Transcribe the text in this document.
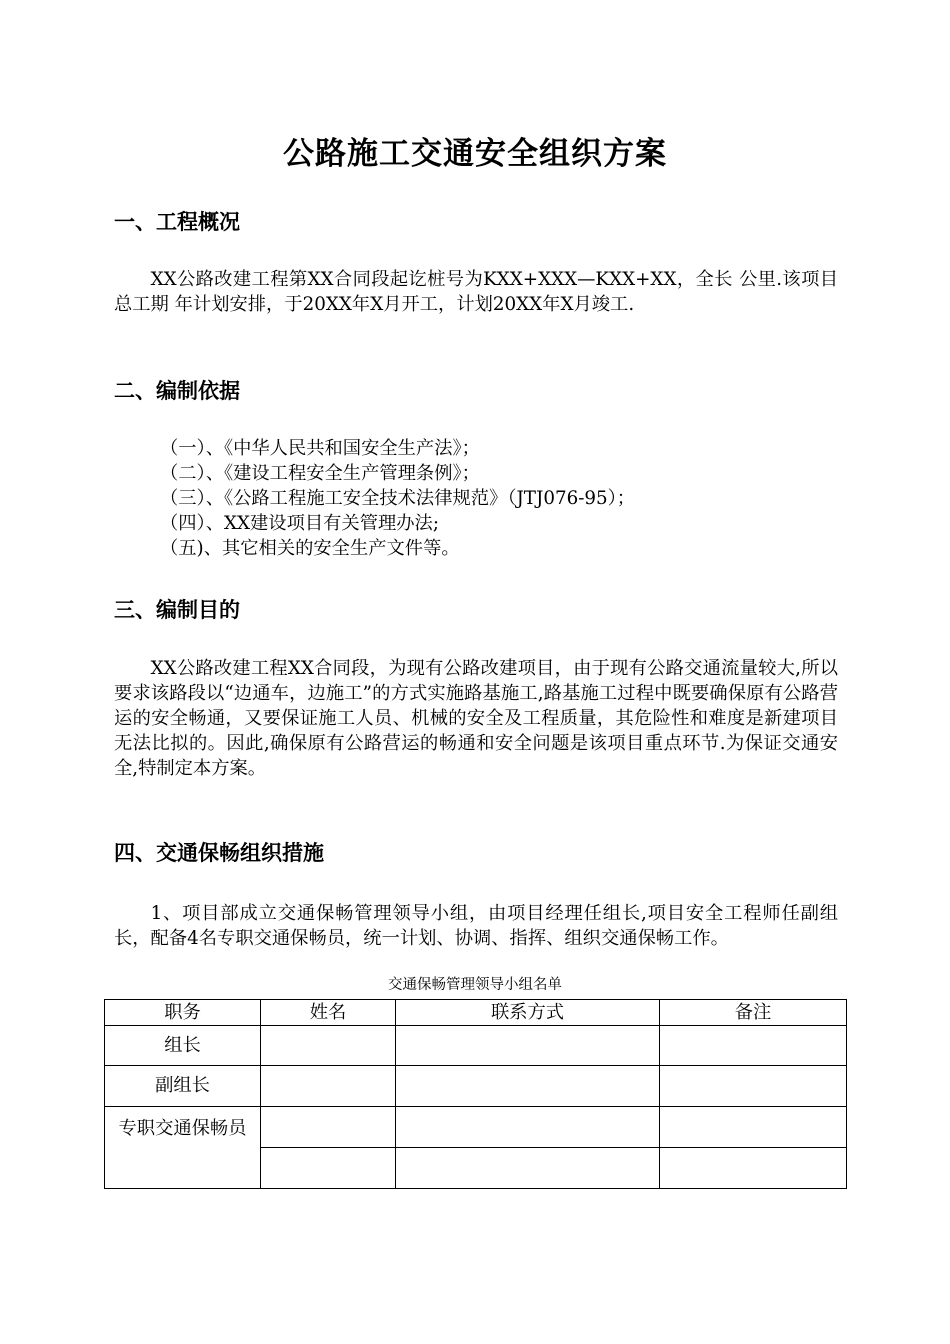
公路施工交通安全组织方案
一、工程概况

XX公路改建工程第XX合同段起讫桩号为KXX+XXX—KXX+XX，全长 公里.该项目总工期 年计划安排，于20XX年X月开工，计划20XX年X月竣工.

二、编制依据
（一）、《中华人民共和国安全生产法》；
（二）、《建设工程安全生产管理条例》；
（三）、《公路工程施工安全技术法律规范》（JTJ076-95）；
（四）、XX建设项目有关管理办法;
（五)、其它相关的安全生产文件等。
三、编制目的

XX公路改建工程XX合同段，为现有公路改建项目，由于现有公路交通流量较大,所以要求该路段以“边通车，边施工”的方式实施路基施工,路基施工过程中既要确保原有公路营运的安全畅通，又要保证施工人员、机械的安全及工程质量，其危险性和难度是新建项目无法比拟的。因此,确保原有公路营运的畅通和安全问题是该项目重点环节.为保证交通安全,特制定本方案。

四、交通保畅组织措施

1、项目部成立交通保畅管理领导小组，由项目经理任组长,项目安全工程师任副组长，配备4名专职交通保畅员，统一计划、协调、指挥、组织交通保畅工作。

交通保畅管理领导小组名单
职务	姓名	联系方式	备注
组长			
副组长			
专职交通保畅员			
